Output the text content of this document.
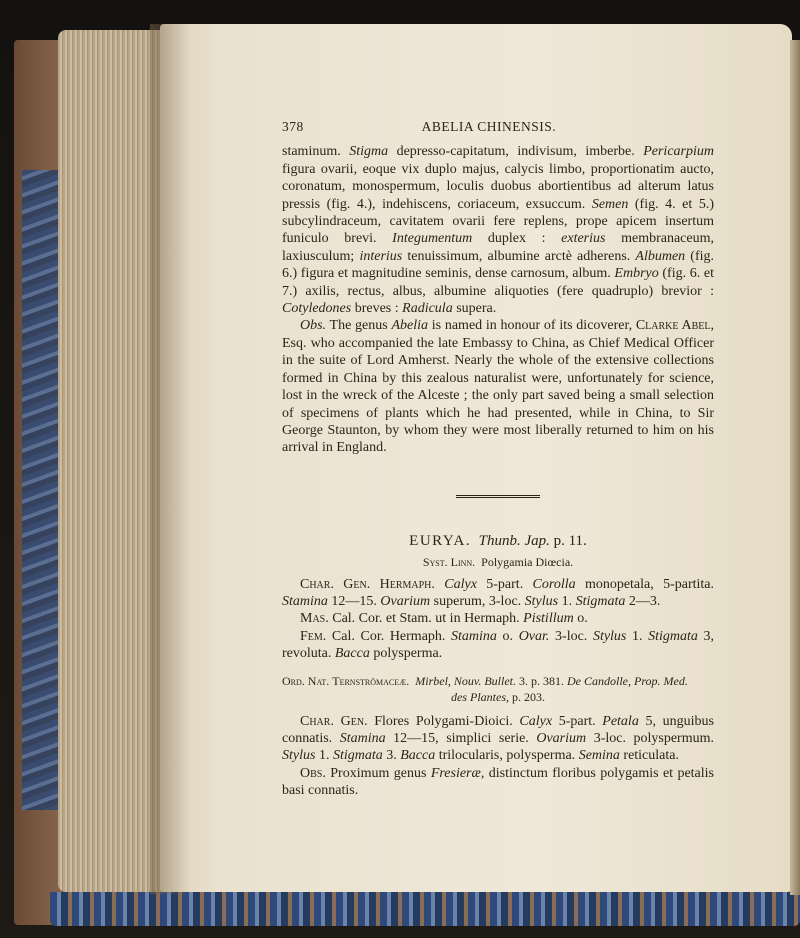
378	ABELIA CHINENSIS.

staminum. Stigma depresso-capitatum, indivisum, imberbe. Pericarpium figura ovarii, eoque vix duplo majus, calycis limbo, proportionatim aucto, coronatum, monospermum, loculis duobus abortientibus ad alterum latus pressis (fig. 4.), indehiscens, coriaceum, exsuccum. Semen (fig. 4. et 5.) subcylindraceum, cavitatem ovarii fere replens, prope apicem insertum funiculo brevi. Integumentum duplex : exterius membranaceum, laxiusculum; interius tenuissimum, albumine arctè adherens. Albumen (fig. 6.) figura et magnitudine seminis, dense carnosum, album. Embryo (fig. 6. et 7.) axilis, rectus, albus, albumine aliquoties (fere quadruplo) brevior : Cotyledones breves : Radicula supera.

Obs. The genus Abelia is named in honour of its dicoverer, Clarke Abel, Esq. who accompanied the late Embassy to China, as Chief Medical Officer in the suite of Lord Amherst. Nearly the whole of the extensive collections formed in China by this zealous naturalist were, unfortunately for science, lost in the wreck of the Alceste ; the only part saved being a small selection of specimens of plants which he had presented, while in China, to Sir George Staunton, by whom they were most liberally returned to him on his arrival in England.

EURYA. Thunb. Jap. p. 11.
Syst. Linn. Polygamia Diœcia.

Char. Gen. Hermaph. Calyx 5-part. Corolla monopetala, 5-partita. Stamina 12—15. Ovarium superum, 3-loc. Stylus 1. Stigmata 2—3.

Mas. Cal. Cor. et Stam. ut in Hermaph. Pistillum o.

Fem. Cal. Cor. Hermaph. Stamina o. Ovar. 3-loc. Stylus 1. Stigmata 3, revoluta. Bacca polysperma.

Ord. Nat. Ternströmaceæ. Mirbel, Nouv. Bullet. 3. p. 381. De Candolle, Prop. Med.
des Plantes, p. 203.

Char. Gen. Flores Polygami-Dioici. Calyx 5-part. Petala 5, unguibus connatis. Stamina 12—15, simplici serie. Ovarium 3-loc. polyspermum. Stylus 1. Stigmata 3. Bacca trilocularis, polysperma. Semina reticulata.

Obs. Proximum genus Fresieræ, distinctum floribus polygamis et petalis basi connatis.
